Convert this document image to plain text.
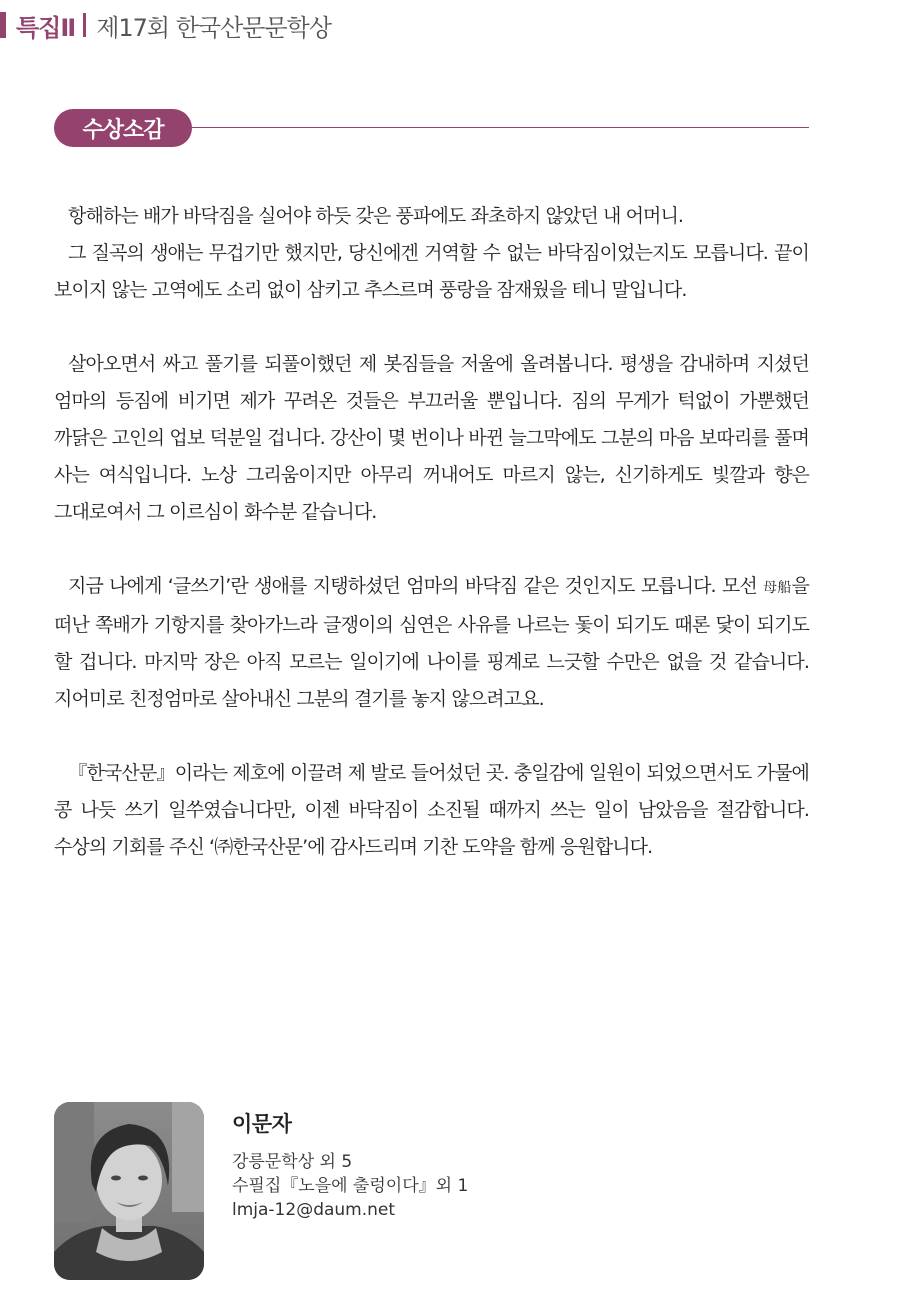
특집Ⅱ 제17회 한국산문문학상
수상소감

항해하는 배가 바닥짐을 실어야 하듯 갖은 풍파에도 좌초하지 않았던 내 어머니.
그 질곡의 생애는 무겁기만 했지만, 당신에겐 거역할 수 없는 바닥짐이었는지도 모릅니다. 끝이 보이지 않는 고역에도 소리 없이 삼키고 추스르며 풍랑을 잠재웠을 테니 말입니다.

살아오면서 싸고 풀기를 되풀이했던 제 봇짐들을 저울에 올려봅니다. 평생을 감내하며 지셨던 엄마의 등짐에 비기면 제가 꾸려온 것들은 부끄러울 뿐입니다. 짐의 무게가 턱없이 가뿐했던 까닭은 고인의 업보 덕분일 겁니다. 강산이 몇 번이나 바뀐 늘그막에도 그분의 마음 보따리를 풀며 사는 여식입니다. 노상 그리움이지만 아무리 꺼내어도 마르지 않는, 신기하게도 빛깔과 향은 그대로여서 그 이르심이 화수분 같습니다.

지금 나에게 ‘글쓰기’란 생애를 지탱하셨던 엄마의 바닥짐 같은 것인지도 모릅니다. 모선 母船을 떠난 쪽배가 기항지를 찾아가느라 글쟁이의 심연은 사유를 나르는 돛이 되기도 때론 닻이 되기도 할 겁니다. 마지막 장은 아직 모르는 일이기에 나이를 핑계로 느긋할 수만은 없을 것 같습니다. 지어미로 친정엄마로 살아내신 그분의 결기를 놓지 않으려고요.

『한국산문』이라는 제호에 이끌려 제 발로 들어섰던 곳. 충일감에 일원이 되었으면서도 가물에 콩 나듯 쓰기 일쑤였습니다만, 이젠 바닥짐이 소진될 때까지 쓰는 일이 남았음을 절감합니다. 수상의 기회를 주신 ‘㈜한국산문’에 감사드리며 기찬 도약을 함께 응원합니다.

이문자
강릉문학상 외 5
수필집『노을에 출렁이다』외 1
lmja-12@daum.net
